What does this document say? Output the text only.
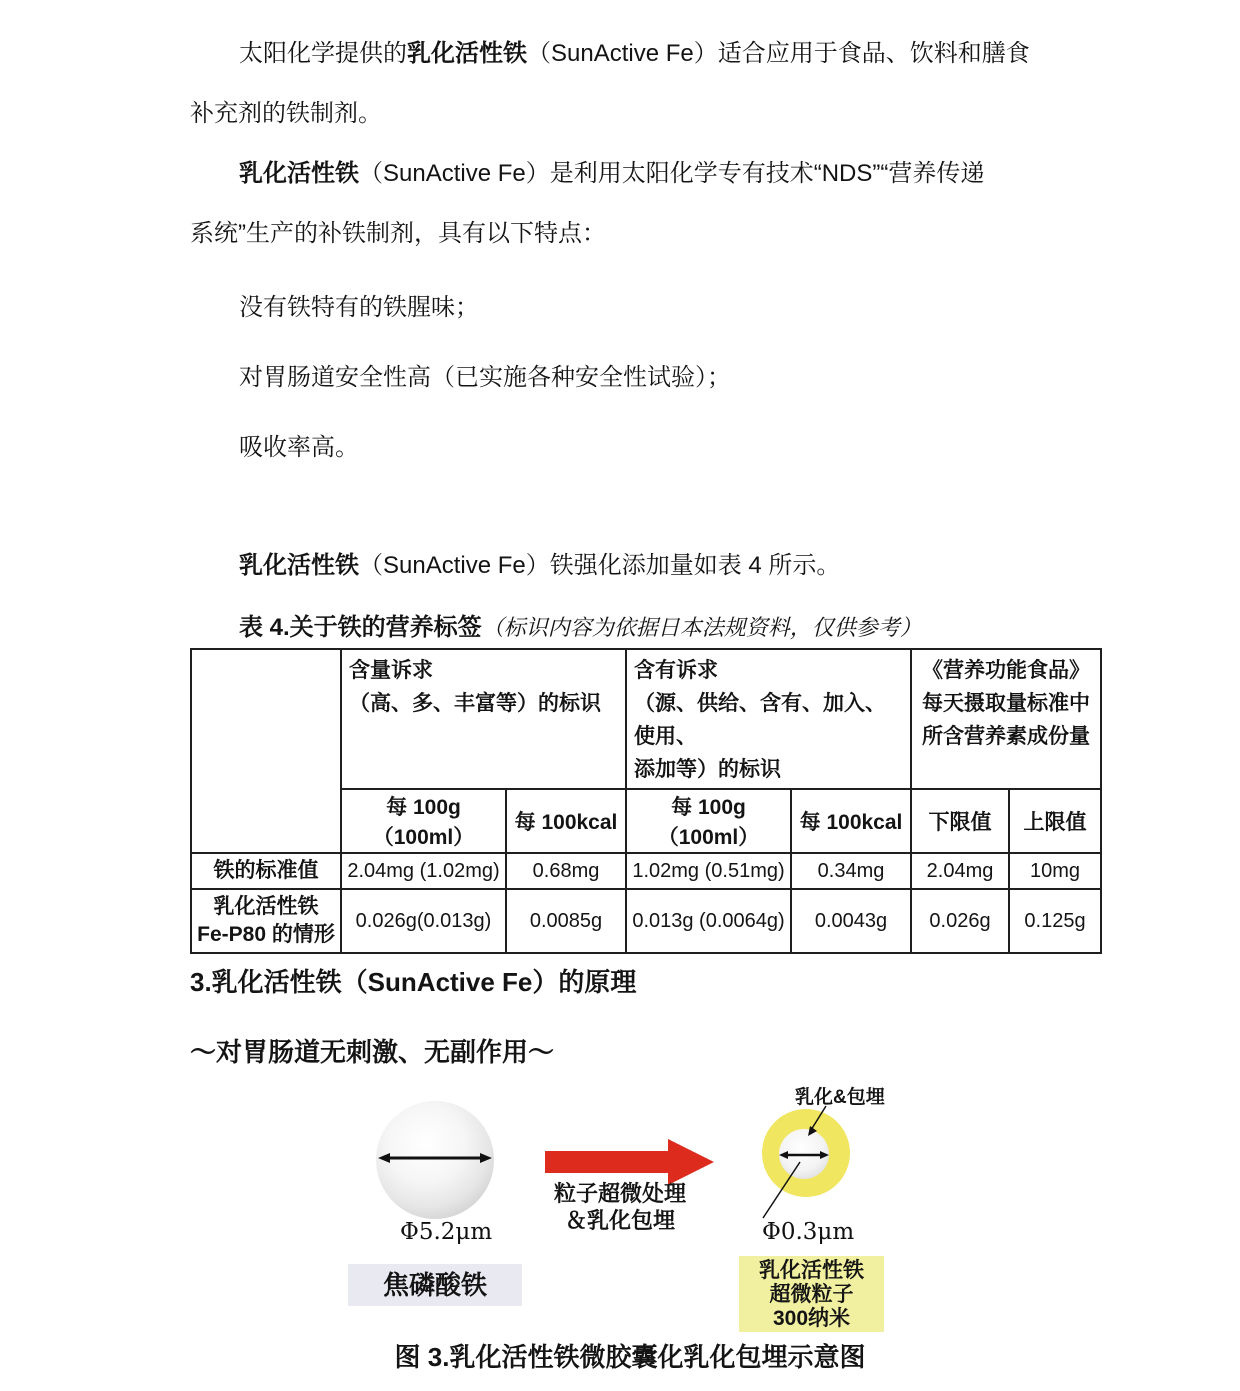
太阳化学提供的乳化活性铁（SunActive Fe）适合应用于食品、饮料和膳食
补充剂的铁制剂。
乳化活性铁（SunActive Fe）是利用太阳化学专有技术“NDS”“营养传递
系统”生产的补铁制剂，具有以下特点：
没有铁特有的铁腥味；
对胃肠道安全性高（已实施各种安全性试验）；
吸收率高。
乳化活性铁（SunActive Fe）铁强化添加量如表 4 所示。
表 4.关于铁的营养标签（标识内容为依据日本法规资料，仅供参考）

含量诉求
（高、多、丰富等）的标识

含有诉求
（源、供给、含有、加入、使用、
添加等）的标识

《营养功能食品》
每天摄取量标准中
所含营养素成份量

	每 100g（100ml）	每 100kcal	每 100g（100ml）	每 100kcal	下限值	上限值
铁的标准值	2.04mg (1.02mg)	0.68mg	1.02mg (0.51mg)	0.34mg	2.04mg	10mg

乳化活性铁
Fe-P80 的情形	0.026g(0.013g)	0.0085g	0.013g (0.0064g)	0.0043g	0.026g	0.125g
3.乳化活性铁（SunActive Fe）的原理
～对胃肠道无刺激、无副作用～
乳化&包埋
Φ5.2μm	Φ0.3μm
粒子超微处理
＆乳化包埋
焦磷酸铁	乳化活性铁
超微粒子
300纳米
图 3.乳化活性铁微胶囊化乳化包埋示意图
